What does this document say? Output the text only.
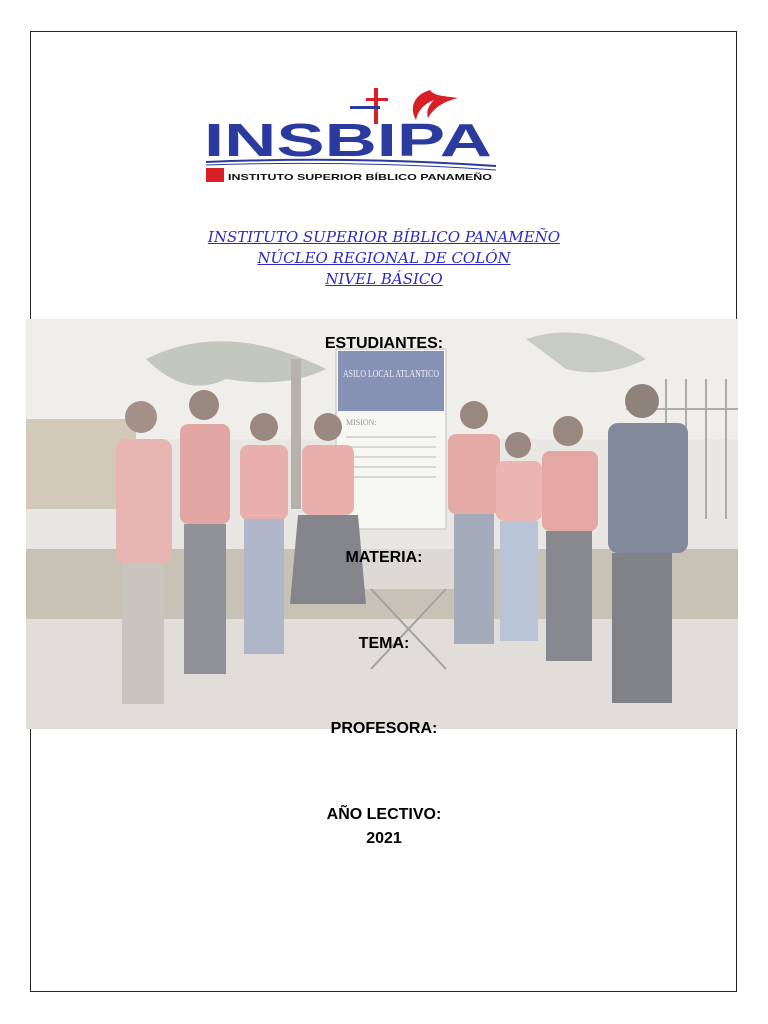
INSBIPA
INSTITUTO SUPERIOR BÍBLICO PANAMEÑO
INSTITUTO SUPERIOR BÍBLICO PANAMEÑO
NÚCLEO REGIONAL DE COLÓN
NIVEL BÁSICO
ASILO LOCAL ATLANTICO
MISION:
ESTUDIANTES:
MATERIA:
TEMA:
PROFESORA:
AÑO LECTIVO:
2021
